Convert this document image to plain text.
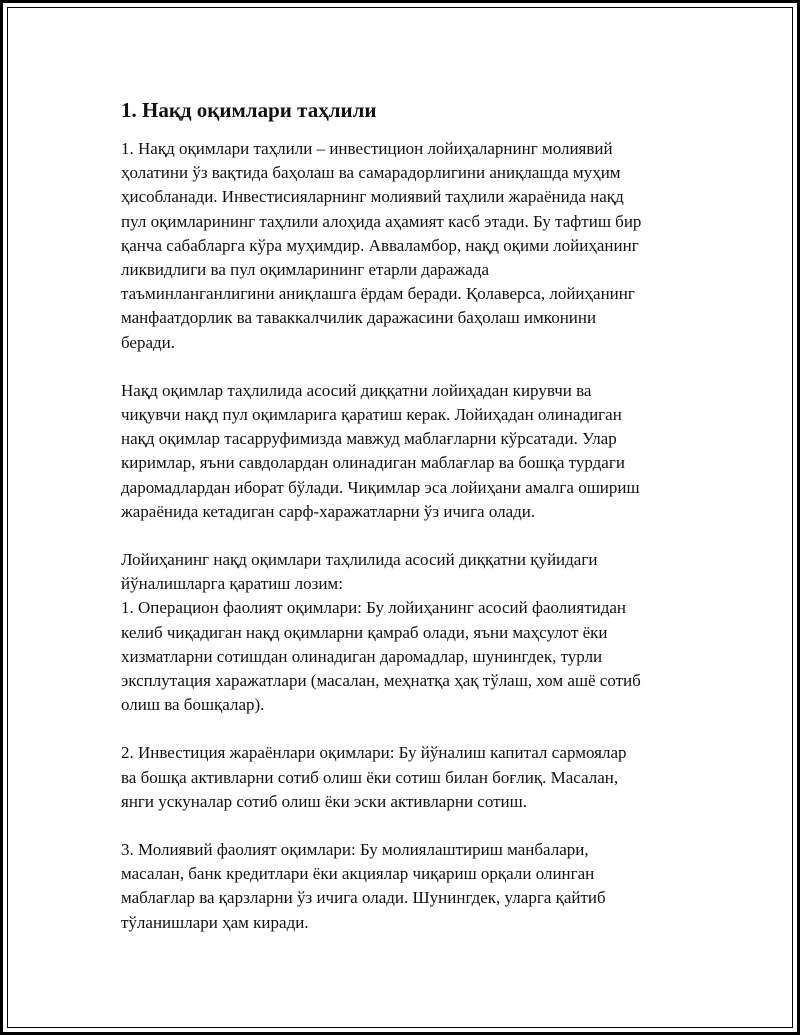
1. Нақд оқимлари таҳлили

1. Нақд оқимлари таҳлили – инвестицион лойиҳаларнинг молиявий
ҳолатини ўз вақтида баҳолаш ва самарадорлигини аниқлашда муҳим
ҳисобланади. Инвестисияларнинг молиявий таҳлили жараёнида нақд
пул оқимларининг таҳлили алоҳида аҳамият касб этади. Бу тафтиш бир
қанча сабабларга кўра муҳимдир. Авваламбор, нақд оқими лойиҳанинг
ликвидлиги ва пул оқимларининг етарли даражада
таъминланганлигини аниқлашга ёрдам беради. Қолаверса, лойиҳанинг
манфаатдорлик ва таваккалчилик даражасини баҳолаш имконини
беради.

Нақд оқимлар таҳлилида асосий диққатни лойиҳадан кирувчи ва
чиқувчи нақд пул оқимларига қаратиш керак. Лойиҳадан олинадиган
нақд оқимлар тасарруфимизда мавжуд маблағларни кўрсатади. Улар
киримлар, яъни савдолардан олинадиган маблағлар ва бошқа турдаги
даромадлардан иборат бўлади. Чиқимлар эса лойиҳани амалга ошириш
жараёнида кетадиган сарф-харажатларни ўз ичига олади.

Лойиҳанинг нақд оқимлари таҳлилида асосий диққатни қуйидаги
йўналишларга қаратиш лозим:
1. Операцион фаолият оқимлари: Бу лойиҳанинг асосий фаолиятидан
келиб чиқадиган нақд оқимларни қамраб олади, яъни маҳсулот ёки
хизматларни сотишдан олинадиган даромадлар, шунингдек, турли
эксплутация харажатлари (масалан, меҳнатқа ҳақ тўлаш, хом ашё сотиб
олиш ва бошқалар).

2. Инвестиция жараёнлари оқимлари: Бу йўналиш капитал сармоялар
ва бошқа активларни сотиб олиш ёки сотиш билан боғлиқ. Масалан,
янги ускуналар сотиб олиш ёки эски активларни сотиш.

3. Молиявий фаолият оқимлари: Бу молиялаштириш манбалари,
масалан, банк кредитлари ёки акциялар чиқариш орқали олинган
маблағлар ва қарзларни ўз ичига олади. Шунингдек, уларга қайтиб
тўланишлари ҳам киради.
